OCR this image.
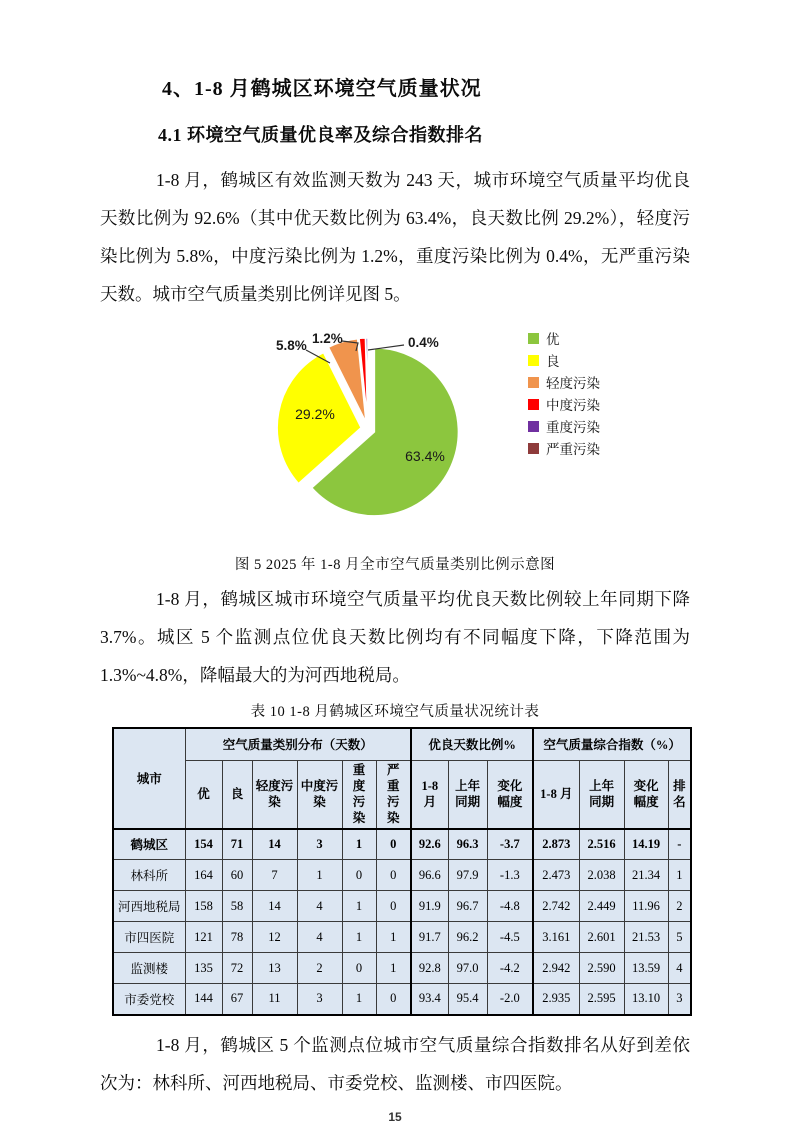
4、1-8 月鹤城区环境空气质量状况
4.1 环境空气质量优良率及综合指数排名

1-8 月，鹤城区有效监测天数为 243 天，城市环境空气质量平均优良天数比例为 92.6%（其中优天数比例为 63.4%，良天数比例 29.2%），轻度污染比例为 5.8%，中度污染比例为 1.2%，重度污染比例为 0.4%，无严重污染天数。城市空气质量类别比例详见图 5。

63.4%
29.2%
5.8% 1.2%	0.4%	优
良
轻度污染
中度污染
重度污染
严重污染
图 5 2025 年 1-8 月全市空气质量类别比例示意图

1-8 月，鹤城区城市环境空气质量平均优良天数比例较上年同期下降 3.7%。城区 5 个监测点位优良天数比例均有不同幅度下降，下降范围为 1.3%~4.8%，降幅最大的为河西地税局。

表 10 1-8 月鹤城区环境空气质量状况统计表
城市	空气质量类别分布（天数）						优良天数比例%			空气质量综合指数（%）			
	优	良	轻度污染	中度污染	重度污染	严重污染	1-8月	上年同期	变化幅度	1-8 月	上年同期	变化幅度	排名
鹤城区	154	71	14	3	1	0	92.6	96.3	-3.7	2.873	2.516	14.19	-
林科所	164	60	7	1	0	0	96.6	97.9	-1.3	2.473	2.038	21.34	1
河西地税局	158	58	14	4	1	0	91.9	96.7	-4.8	2.742	2.449	11.96	2
市四医院	121	78	12	4	1	1	91.7	96.2	-4.5	3.161	2.601	21.53	5
监测楼	135	72	13	2	0	1	92.8	97.0	-4.2	2.942	2.590	13.59	4
市委党校	144	67	11	3	1	0	93.4	95.4	-2.0	2.935	2.595	13.10	3

1-8 月，鹤城区 5 个监测点位城市空气质量综合指数排名从好到差依次为：林科所、河西地税局、市委党校、监测楼、市四医院。

15
